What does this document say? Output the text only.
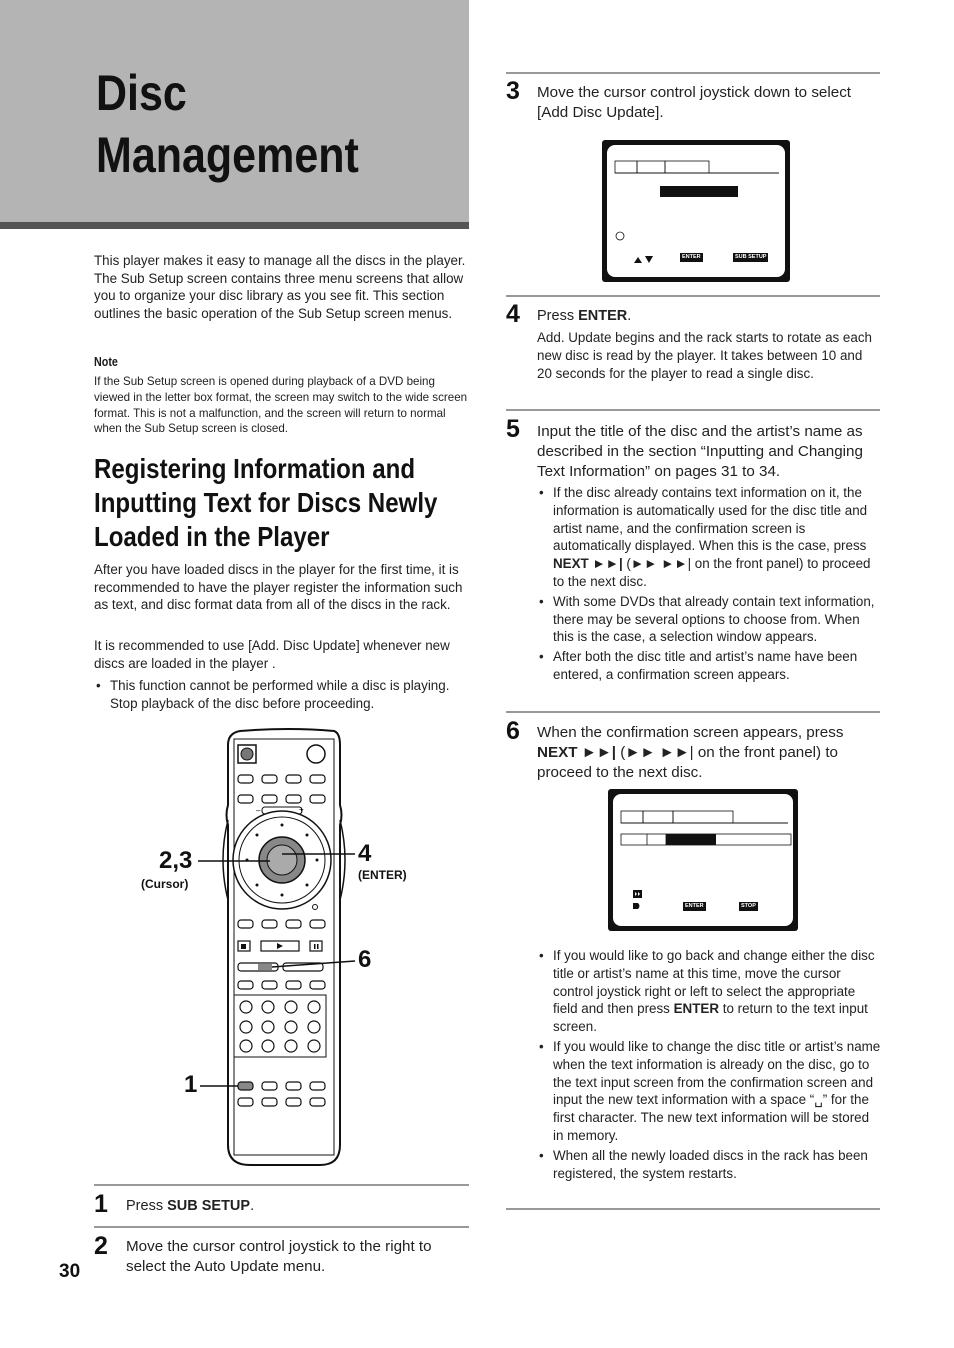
Disc
Management
This player makes it easy to manage all the discs in the player. The Sub Setup screen contains three menu screens that allow you to organize your disc library as you see fit. This section outlines the basic operation of the Sub Setup screen menus.
Note
If the Sub Setup screen is opened during playback of a DVD being viewed in the letter box format, the screen may switch to the wide screen format. This is not a malfunction, and the screen will return to normal when the Sub Setup screen is closed.
Registering Information and Inputting Text for Discs Newly Loaded in the Player
After you have loaded discs in the player for the first time, it is recommended to have the player register the information such as text, and disc format data from all of the discs in the rack.
It is recommended to use [Add. Disc Update] whenever new discs are loaded in the player .
• This function cannot be performed while a disc is playing. Stop playback of the disc before proceeding.
–	+
2,3
(Cursor)
4
(ENTER)
6
1
1 Press SUB SETUP.
2 Move the cursor control joystick to the right to select the Auto Update menu.
30
3 Move the cursor control joystick down to select [Add Disc Update].
ENTER	SUB SETUP
4 Press ENTER.
Add. Update begins and the rack starts to rotate as each new disc is read by the player. It takes between 10 and 20 seconds for the player to read a single disc.
5 Input the title of the disc and the artist’s name as described in the section “Inputting and Changing Text Information” on pages 31 to 34.
• If the disc already contains text information on it, the information is automatically used for the disc title and artist name, and the confirmation screen is automatically displayed. When this is the case, press NEXT ►►| (►► ►►| on the front panel) to proceed to the next disc.
• With some DVDs that already contain text information, there may be several options to choose from. When this is the case, a selection window appears.
• After both the disc title and artist’s name have been entered, a confirmation screen appears.
6 When the confirmation screen appears, press NEXT ►►| (►► ►►| on the front panel) to proceed to the next disc.
ENTER	STOP
• If you would like to go back and change either the disc title or artist’s name at this time, move the cursor control joystick right or left to select the appropriate field and then press ENTER to return to the text input screen.
• If you would like to change the disc title or artist’s name when the text information is already on the disc, go to the text input screen from the confirmation screen and input the new text information with a space “␣” for the first character. The new text information will be stored in memory.
• When all the newly loaded discs in the rack has been registered, the system restarts.
